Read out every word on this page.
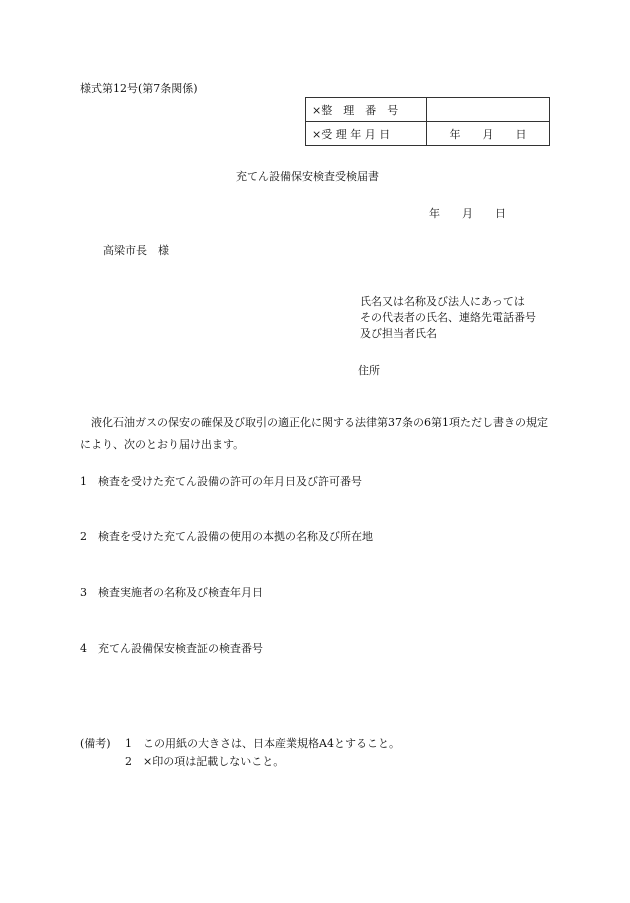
様式第12号(第7条関係)
×整　理　番　号	
×受 理 年 月 日	年　　月　　日
充てん設備保安検査受検届書
年　　月　　日
高梁市長　様
氏名又は名称及び法人にあっては
その代表者の氏名、連絡先電話番号
及び担当者氏名
住所
液化石油ガスの保安の確保及び取引の適正化に関する法律第37条の6第1項ただし書きの規定により、次のとおり届け出ます。
1 検査を受けた充てん設備の許可の年月日及び許可番号
2 検査を受けた充てん設備の使用の本拠の名称及び所在地
3 検査実施者の名称及び検査年月日
4 充てん設備保安検査証の検査番号
(備考) 1 この用紙の大きさは、日本産業規格A4とすること。
2 ×印の項は記載しないこと。
